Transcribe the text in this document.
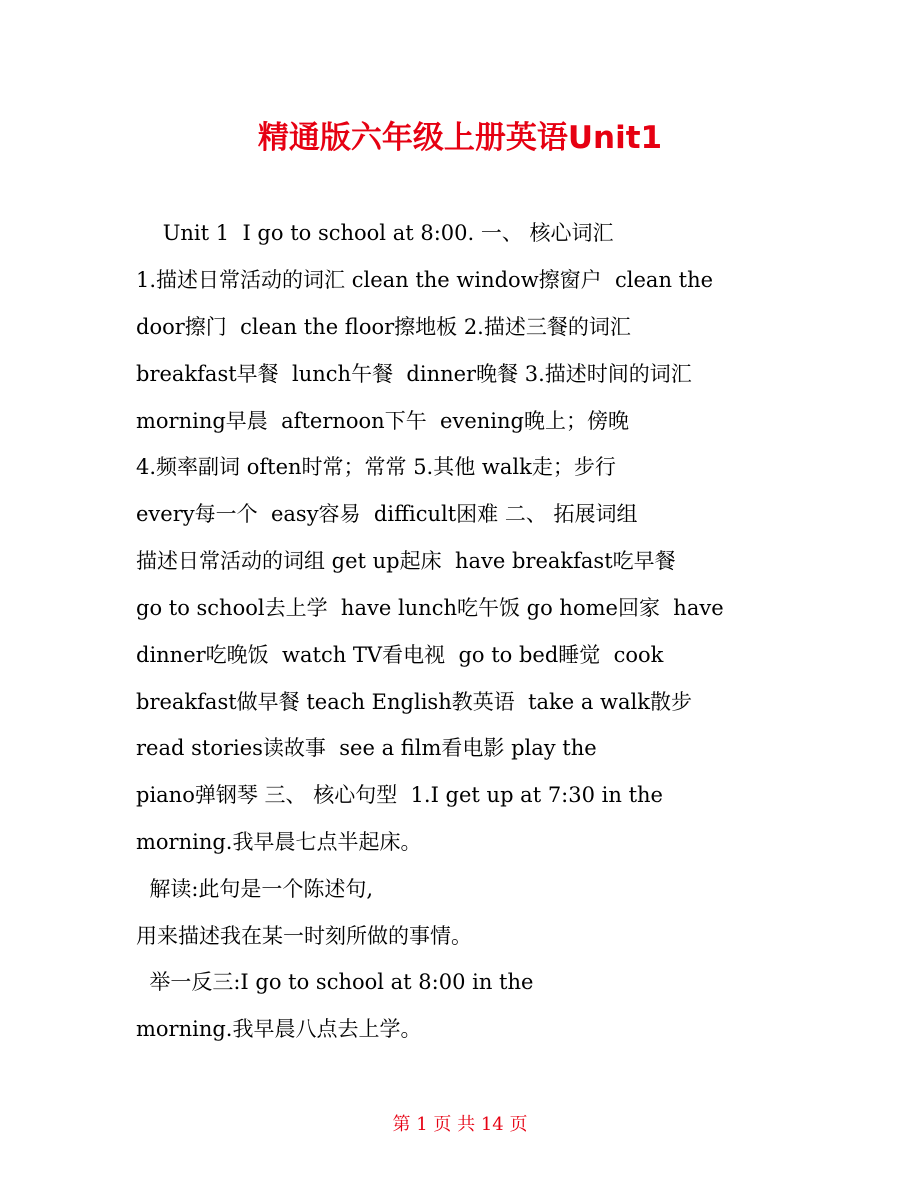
精通版六年级上册英语Unit1

Unit 1  I go to school at 8:00. 一、 核心词汇

1.描述日常活动的词汇 clean the window擦窗户  clean the

door擦门  clean the floor擦地板 2.描述三餐的词汇

breakfast早餐  lunch午餐  dinner晚餐 3.描述时间的词汇

morning早晨  afternoon下午  evening晚上；傍晚

4.频率副词 often时常；常常 5.其他 walk走；步行

every每一个  easy容易  difficult困难 二、 拓展词组

描述日常活动的词组 get up起床  have breakfast吃早餐

go to school去上学  have lunch吃午饭 go home回家  have

dinner吃晚饭  watch TV看电视  go to bed睡觉  cook

breakfast做早餐 teach English教英语  take a walk散步

read stories读故事  see a film看电影 play the

piano弹钢琴 三、 核心句型  1.I get up at 7:30 in the

morning.我早晨七点半起床。

解读:此句是一个陈述句,

用来描述我在某一时刻所做的事情。

举一反三:I go to school at 8:00 in the

morning.我早晨八点去上学。

第 1 页 共 14 页
